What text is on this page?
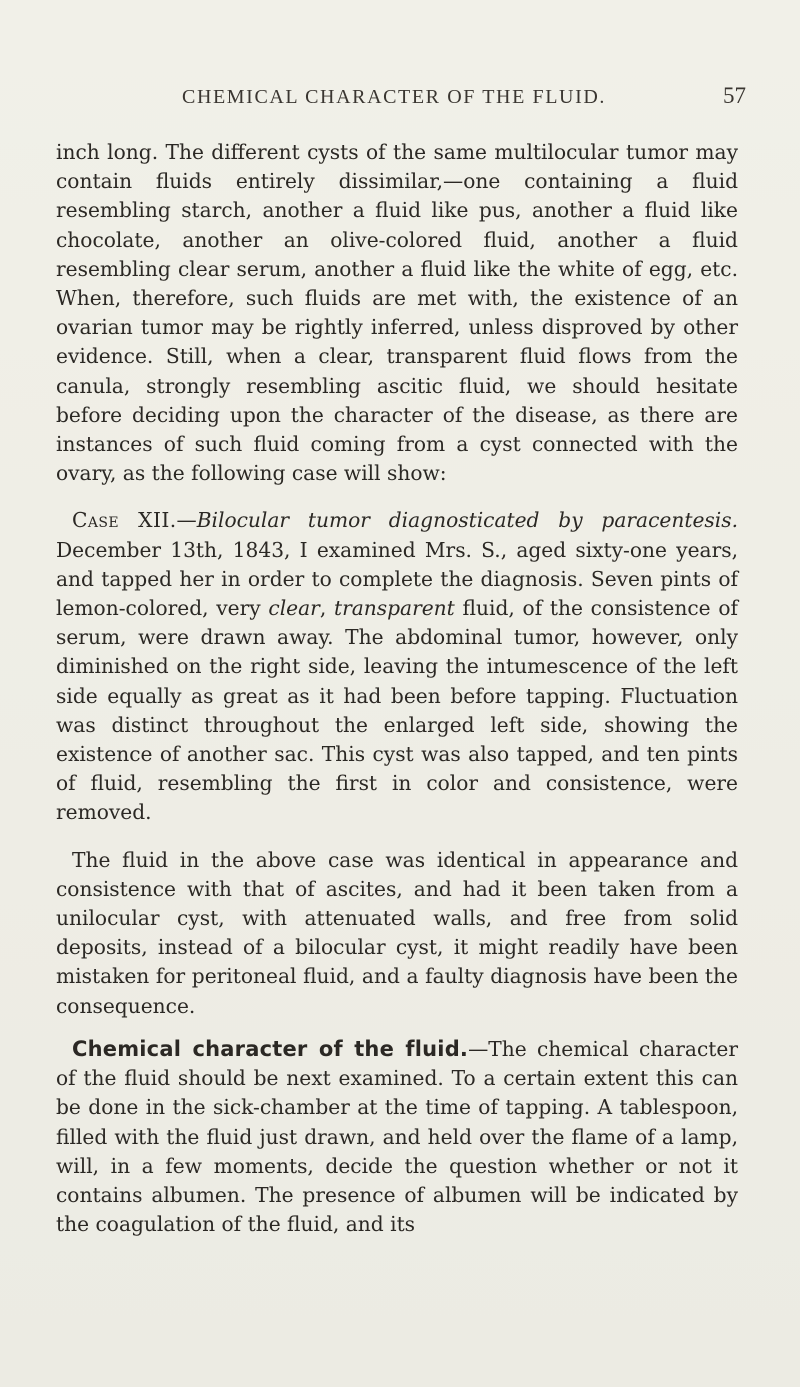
CHEMICAL CHARACTER OF THE FLUID.	57

inch long. The different cysts of the same multilocular tumor may contain fluids entirely dissimilar,—one containing a fluid resembling starch, another a fluid like pus, another a fluid like chocolate, another an olive-colored fluid, another a fluid resembling clear serum, another a fluid like the white of egg, etc. When, therefore, such fluids are met with, the existence of an ovarian tumor may be rightly inferred, unless disproved by other evidence. Still, when a clear, transparent fluid flows from the canula, strongly resembling ascitic fluid, we should hesitate before deciding upon the character of the disease, as there are instances of such fluid coming from a cyst connected with the ovary, as the following case will show:

Case XII.—Bilocular tumor diagnosticated by paracentesis. December 13th, 1843, I examined Mrs. S., aged sixty-one years, and tapped her in order to complete the diagnosis. Seven pints of lemon-colored, very clear, transparent fluid, of the consistence of serum, were drawn away. The abdominal tumor, however, only diminished on the right side, leaving the intumescence of the left side equally as great as it had been before tapping. Fluctuation was distinct throughout the enlarged left side, showing the existence of another sac. This cyst was also tapped, and ten pints of fluid, resembling the first in color and consistence, were removed.

The fluid in the above case was identical in appearance and consistence with that of ascites, and had it been taken from a unilocular cyst, with attenuated walls, and free from solid deposits, instead of a bilocular cyst, it might readily have been mistaken for peritoneal fluid, and a faulty diagnosis have been the consequence.

Chemical character of the fluid.—The chemical character of the fluid should be next examined. To a certain extent this can be done in the sick-chamber at the time of tapping. A tablespoon, filled with the fluid just drawn, and held over the flame of a lamp, will, in a few moments, decide the question whether or not it contains albumen. The presence of albumen will be indicated by the coagulation of the fluid, and its
